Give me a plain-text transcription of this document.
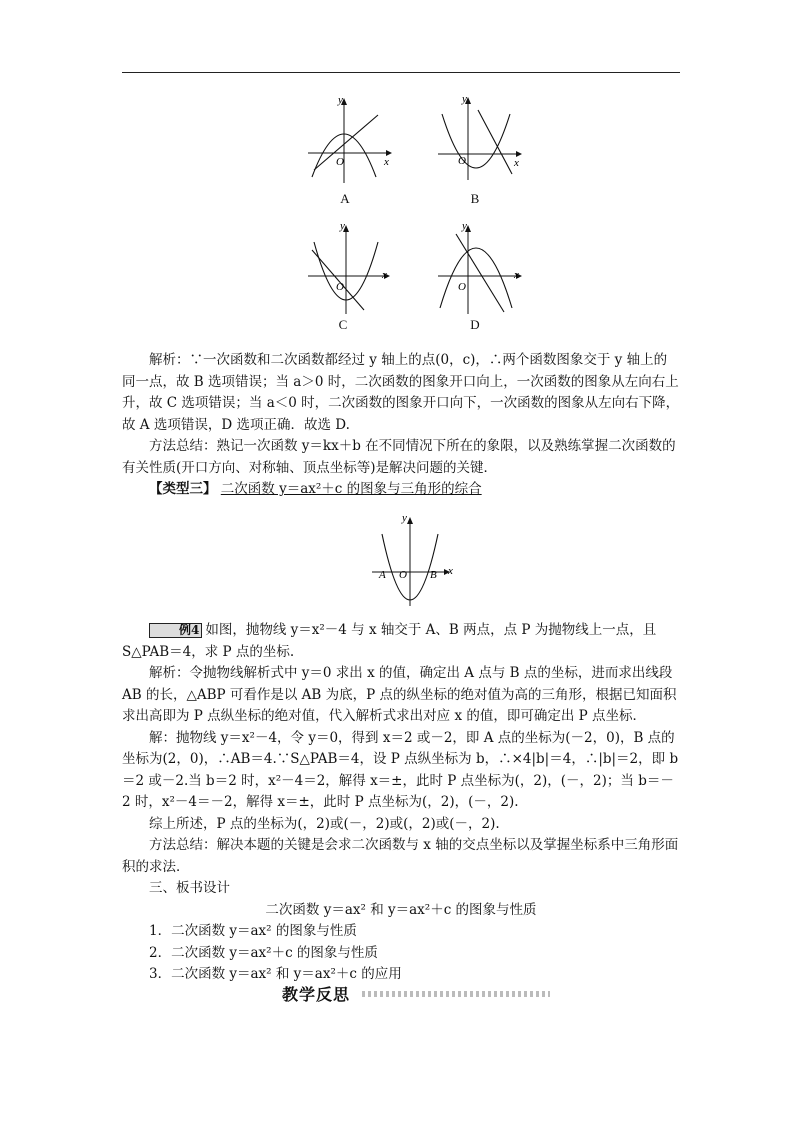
y
x
O
A
y
x
O
B
y
x
O
C
y
x
O
D

解析：∵一次函数和二次函数都经过 y 轴上的点(0，c)，∴两个函数图象交于 y 轴上的同一点，故 B 选项错误；当 a＞0 时，二次函数的图象开口向上，一次函数的图象从左向右上升，故 C 选项错误；当 a＜0 时，二次函数的图象开口向下，一次函数的图象从左向右下降，故 A 选项错误，D 选项正确．故选 D.

方法总结：熟记一次函数 y＝kx＋b 在不同情况下所在的象限，以及熟练掌握二次函数的有关性质(开口方向、对称轴、顶点坐标等)是解决问题的关键．

【类型三】 二次函数 y＝ax²＋c 的图象与三角形的综合

y
x
A O B

例4 如图，抛物线 y＝x²－4 与 x 轴交于 A、B 两点，点 P 为抛物线上一点，且 S△PAB＝4，求 P 点的坐标.

解析：令抛物线解析式中 y＝0 求出 x 的值，确定出 A 点与 B 点的坐标，进而求出线段 AB 的长，△ABP 可看作是以 AB 为底，P 点的纵坐标的绝对值为高的三角形，根据已知面积求出高即为 P 点纵坐标的绝对值，代入解析式求出对应 x 的值，即可确定出 P 点坐标．

解：抛物线 y＝x²－4，令 y＝0，得到 x＝2 或－2，即 A 点的坐标为(－2，0)，B 点的坐标为(2，0)，∴AB＝4.∵S△PAB＝4，设 P 点纵坐标为 b，∴×4|b|＝4，∴|b|＝2，即 b＝2 或－2.当 b＝2 时，x²－4＝2，解得 x＝±，此时 P 点坐标为(，2)，(－，2)；当 b＝－2 时，x²－4＝－2，解得 x＝±，此时 P 点坐标为(，2)，(－，2).

综上所述，P 点的坐标为(，2)或(－，2)或(，2)或(－，2).

方法总结：解决本题的关键是会求二次函数与 x 轴的交点坐标以及掌握坐标系中三角形面积的求法．

三、板书设计

二次函数 y＝ax² 和 y＝ax²＋c 的图象与性质

1．二次函数 y＝ax² 的图象与性质

2．二次函数 y＝ax²＋c 的图象与性质

3．二次函数 y＝ax² 和 y＝ax²＋c 的应用

教学反思
